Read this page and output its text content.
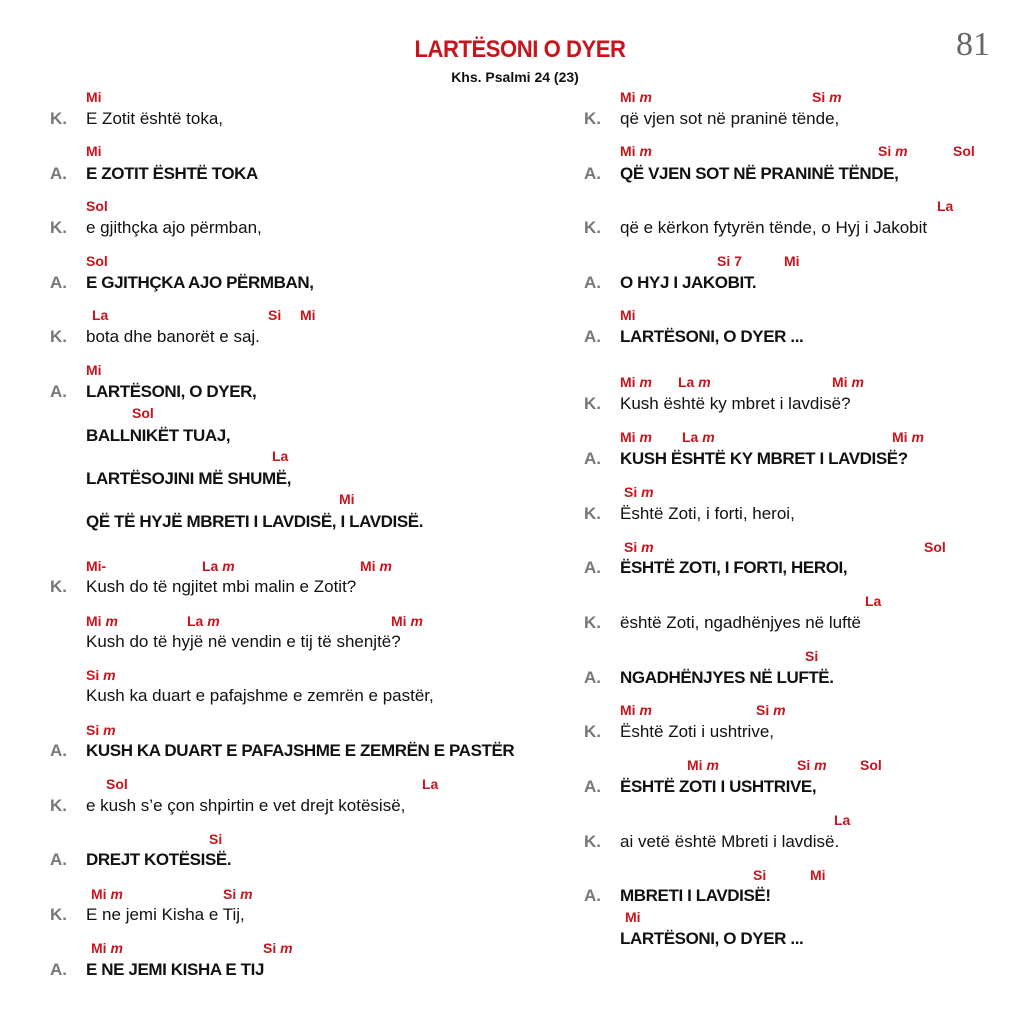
LARTËSONI O DYER
Khs. Psalmi 24 (23)
81
Mi
K. E Zotit është toka,
Mi
A. E ZOTIT ËSHTË TOKA
Sol
K. e gjithçka ajo përmban,
Sol
A. E GJITHÇKA AJO PËRMBAN,
La	Si Mi
K. bota dhe banorët e saj.
Mi
A. LARTËSONI, O DYER,
Sol
BALLNIKËT TUAJ,
La
LARTËSOJINI MË SHUMË,
Mi
QË TË HYJË MBRETI I LAVDISË, I LAVDISË.
Mi-	La m	Mi m
K. Kush do të ngjitet mbi malin e Zotit?
Mi m	La m	Mi m
Kush do të hyjë në vendin e tij të shenjtë?
Si m
Kush ka duart e pafajshme e zemrën e pastër,
Si m
A. KUSH KA DUART E PAFAJSHME E ZEMRËN E PASTËR
Sol	La
K. e kush s’e çon shpirtin e vet drejt kotësisë,
Si
A. DREJT KOTËSISË.
Mi m	Si m
K. E ne jemi Kisha e Tij,
Mi m	Si m
A. E NE JEMI KISHA E TIJ
Mi m	Si m
K. që vjen sot në praninë tënde,
Mi m	Si m	Sol
A. QË VJEN SOT NË PRANINË TËNDE,
La
K. që e kërkon fytyrën tënde, o Hyj i Jakobit
Si 7	Mi
A. O HYJ I JAKOBIT.
Mi
A. LARTËSONI, O DYER ...
Mi m La m	Mi m
K. Kush është ky mbret i lavdisë?
Mi m La m	Mi m
A. KUSH ËSHTË KY MBRET I LAVDISË?
Si m
K. Është Zoti, i forti, heroi,
Si m	Sol
A. ËSHTË ZOTI, I FORTI, HEROI,
La
K. është Zoti, ngadhënjyes në luftë
Si
A. NGADHËNJYES NË LUFTË.
Mi m	Si m
K. Është Zoti i ushtrive,
Mi m	Si m Sol
A. ËSHTË ZOTI I USHTRIVE,
La
K. ai vetë është Mbreti i lavdisë.
Si	Mi
A. MBRETI I LAVDISË!
Mi
LARTËSONI, O DYER ...
